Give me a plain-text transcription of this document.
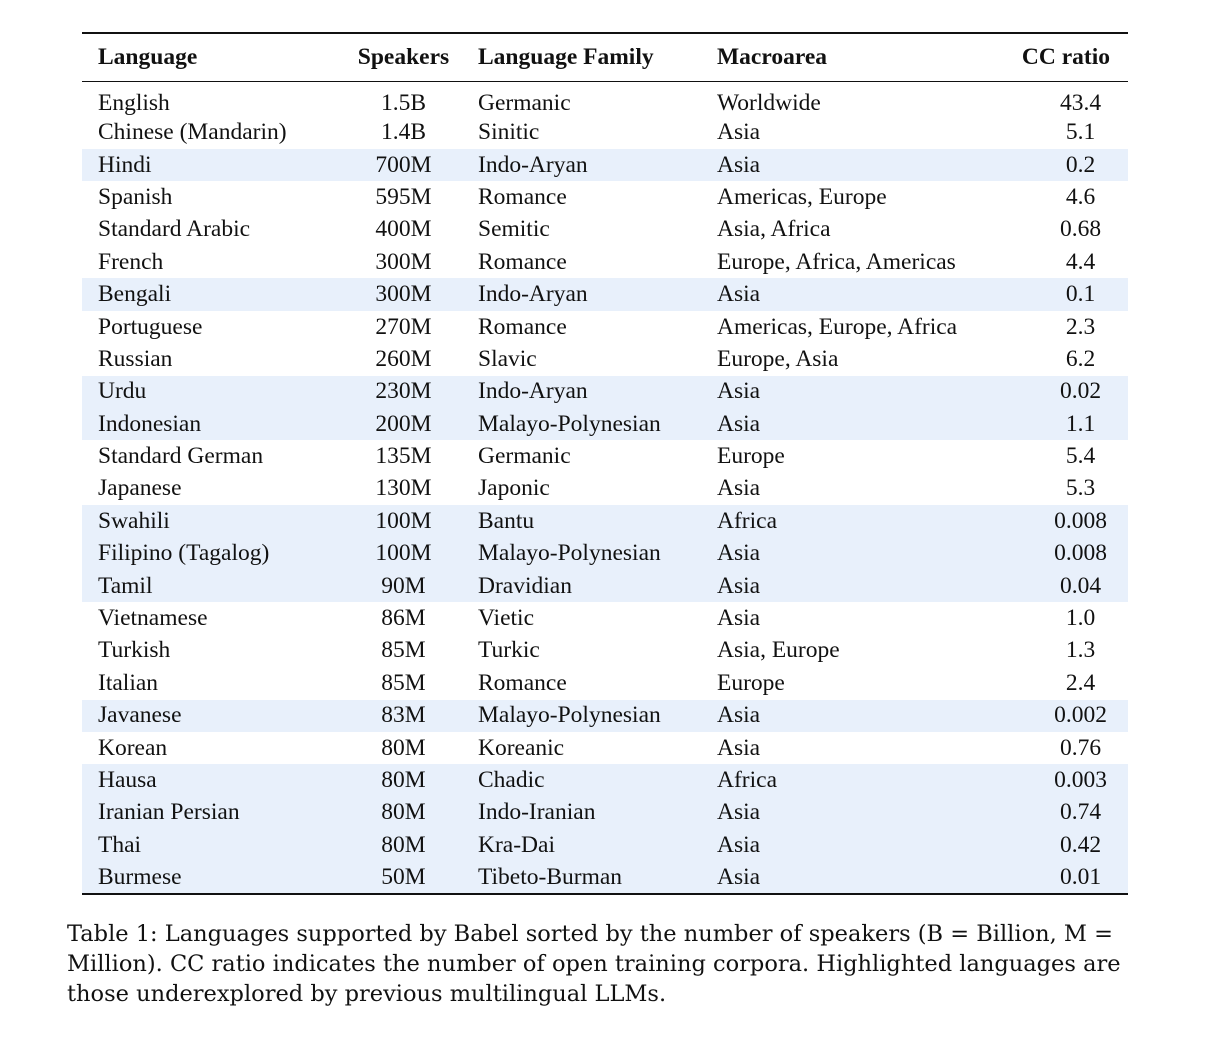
Language	Speakers	Language Family	Macroarea	CC ratio
English	1.5B	Germanic	Worldwide	43.4
Chinese (Mandarin)	1.4B	Sinitic	Asia	5.1
Hindi	700M	Indo-Aryan	Asia	0.2
Spanish	595M	Romance	Americas, Europe	4.6
Standard Arabic	400M	Semitic	Asia, Africa	0.68
French	300M	Romance	Europe, Africa, Americas	4.4
Bengali	300M	Indo-Aryan	Asia	0.1
Portuguese	270M	Romance	Americas, Europe, Africa	2.3
Russian	260M	Slavic	Europe, Asia	6.2
Urdu	230M	Indo-Aryan	Asia	0.02
Indonesian	200M	Malayo-Polynesian	Asia	1.1
Standard German	135M	Germanic	Europe	5.4
Japanese	130M	Japonic	Asia	5.3
Swahili	100M	Bantu	Africa	0.008
Filipino (Tagalog)	100M	Malayo-Polynesian	Asia	0.008
Tamil	90M	Dravidian	Asia	0.04
Vietnamese	86M	Vietic	Asia	1.0
Turkish	85M	Turkic	Asia, Europe	1.3
Italian	85M	Romance	Europe	2.4
Javanese	83M	Malayo-Polynesian	Asia	0.002
Korean	80M	Koreanic	Asia	0.76
Hausa	80M	Chadic	Africa	0.003
Iranian Persian	80M	Indo-Iranian	Asia	0.74
Thai	80M	Kra-Dai	Asia	0.42
Burmese	50M	Tibeto-Burman	Asia	0.01

Table 1: Languages supported by Babel sorted by the number of speakers (B = Billion, M = Million). CC ratio indicates the number of open training corpora. Highlighted languages are those underexplored by previous multilingual LLMs.
